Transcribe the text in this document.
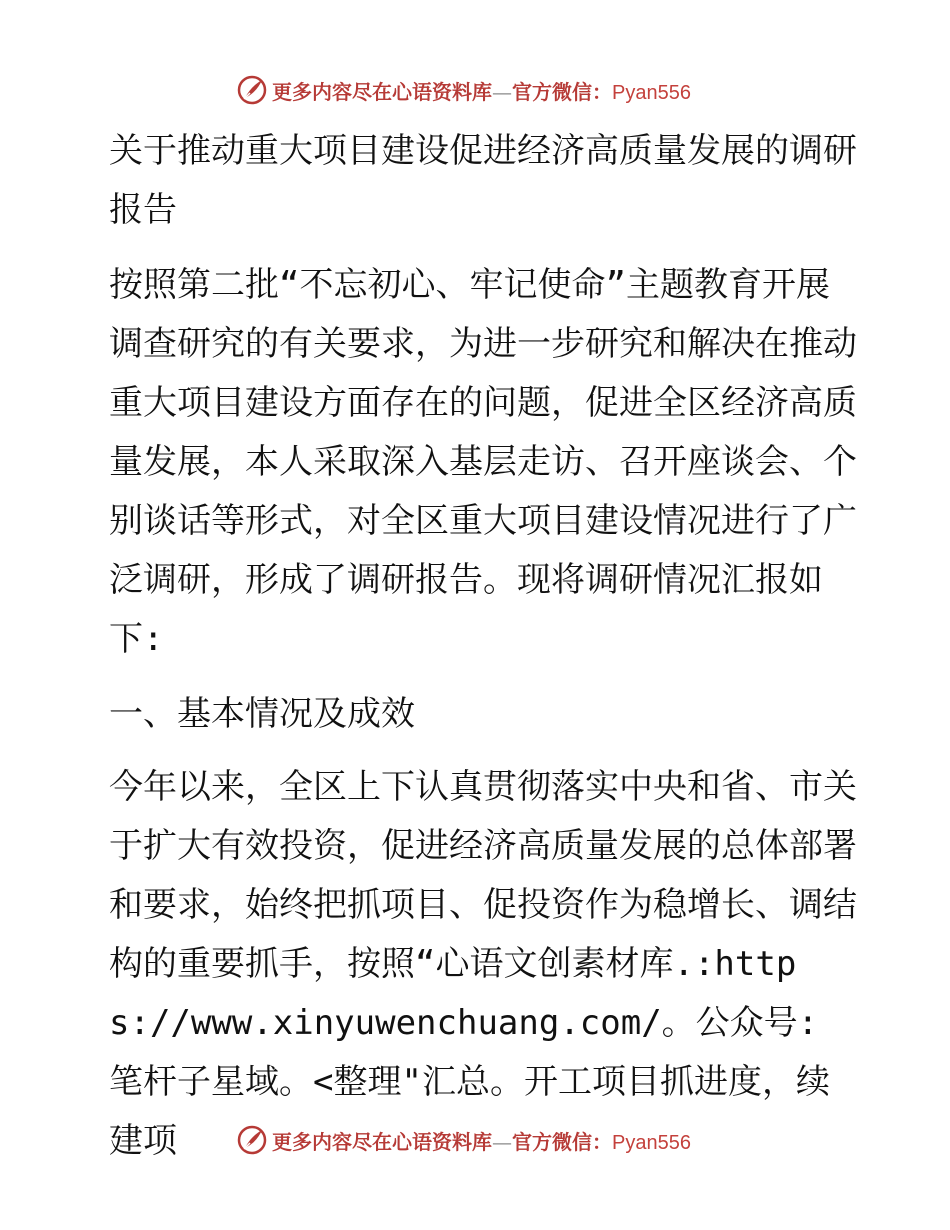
更多内容尽在心语资料库—官方微信：Pyan556

关于推动重大项目建设促进经济高质量发展的调研报告

按照第二批“不忘初心、牢记使命”主题教育开展调查研究的有关要求，为进一步研究和解决在推动重大项目建设方面存在的问题，促进全区经济高质量发展，本人采取深入基层走访、召开座谈会、个别谈话等形式，对全区重大项目建设情况进行了广泛调研，形成了调研报告。现将调研情况汇报如下:

一、基本情况及成效

今年以来，全区上下认真贯彻落实中央和省、市关于扩大有效投资，促进经济高质量发展的总体部署和要求，始终把抓项目、促投资作为稳增长、调结构的重要抓手，按照“心语文创素材库.:https://www.xinyuwenchuang.com/。公众号: 笔杆子星域。<整理"汇总。开工项目抓进度，续建项	更多内容尽在心语资料库—官方微信：Pyan556
